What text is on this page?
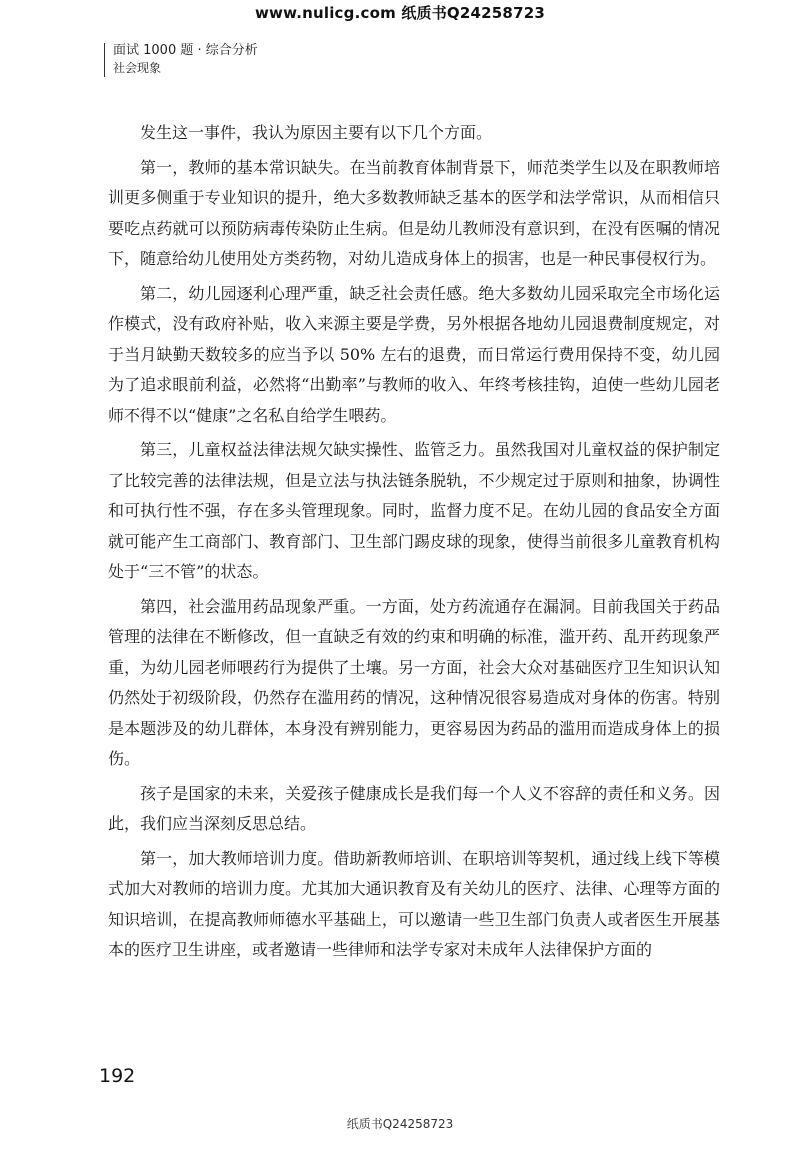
www.nulicg.com 纸质书Q24258723
面试 1000 题 · 综合分析
社会现象

发生这一事件，我认为原因主要有以下几个方面。

第一，教师的基本常识缺失。在当前教育体制背景下，师范类学生以及在职教师培训更多侧重于专业知识的提升，绝大多数教师缺乏基本的医学和法学常识，从而相信只要吃点药就可以预防病毒传染防止生病。但是幼儿教师没有意识到，在没有医嘱的情况下，随意给幼儿使用处方类药物，对幼儿造成身体上的损害，也是一种民事侵权行为。

第二，幼儿园逐利心理严重，缺乏社会责任感。绝大多数幼儿园采取完全市场化运作模式，没有政府补贴，收入来源主要是学费，另外根据各地幼儿园退费制度规定，对于当月缺勤天数较多的应当予以 50% 左右的退费，而日常运行费用保持不变，幼儿园为了追求眼前利益，必然将“出勤率”与教师的收入、年终考核挂钩，迫使一些幼儿园老师不得不以“健康”之名私自给学生喂药。

第三，儿童权益法律法规欠缺实操性、监管乏力。虽然我国对儿童权益的保护制定了比较完善的法律法规，但是立法与执法链条脱轨，不少规定过于原则和抽象，协调性和可执行性不强，存在多头管理现象。同时，监督力度不足。在幼儿园的食品安全方面就可能产生工商部门、教育部门、卫生部门踢皮球的现象，使得当前很多儿童教育机构处于“三不管”的状态。

第四，社会滥用药品现象严重。一方面，处方药流通存在漏洞。目前我国关于药品管理的法律在不断修改，但一直缺乏有效的约束和明确的标准，滥开药、乱开药现象严重，为幼儿园老师喂药行为提供了土壤。另一方面，社会大众对基础医疗卫生知识认知仍然处于初级阶段，仍然存在滥用药的情况，这种情况很容易造成对身体的伤害。特别是本题涉及的幼儿群体，本身没有辨别能力，更容易因为药品的滥用而造成身体上的损伤。

孩子是国家的未来，关爱孩子健康成长是我们每一个人义不容辞的责任和义务。因此，我们应当深刻反思总结。

第一，加大教师培训力度。借助新教师培训、在职培训等契机，通过线上线下等模式加大对教师的培训力度。尤其加大通识教育及有关幼儿的医疗、法律、心理等方面的知识培训，在提高教师师德水平基础上，可以邀请一些卫生部门负责人或者医生开展基本的医疗卫生讲座，或者邀请一些律师和法学专家对未成年人法律保护方面的

192
纸质书Q24258723
